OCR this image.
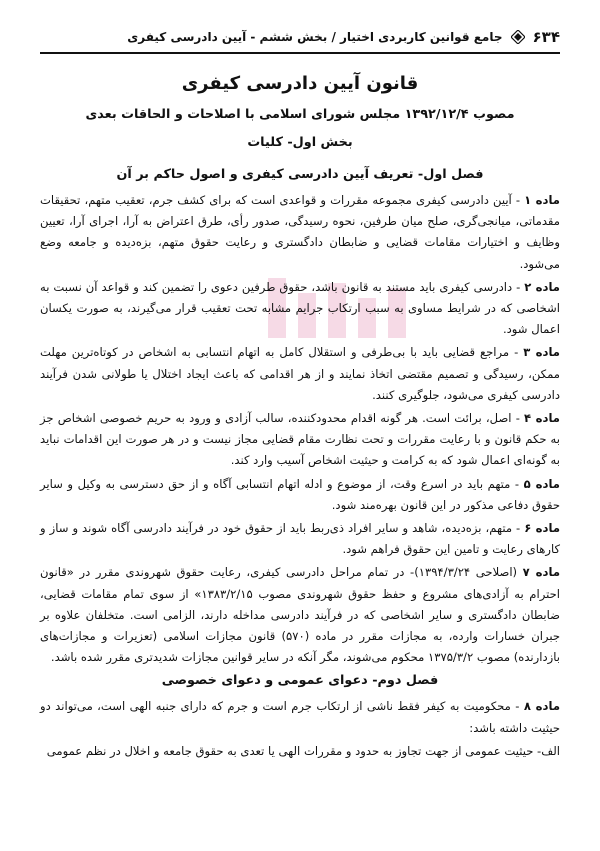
۶۳۴
جامع قوانین کاربردی اختیار / بخش ششم - آیین دادرسی کیفری
قانون آیین دادرسی کیفری
مصوب ۱۳۹۲/۱۲/۴ مجلس شورای اسلامی با اصلاحات و الحاقات بعدی
بخش اول- کلیات
فصل اول- تعریف آیین دادرسی کیفری و اصول حاکم بر آن

ماده ۱ - آیین دادرسی کیفری مجموعه مقررات و قواعدی است که برای کشف جرم، تعقیب متهم، تحقیقات مقدماتی، میانجی‌گری، صلح میان طرفین، نحوه رسیدگی، صدور رأی، طرق اعتراض به آرا، اجرای آرا، تعیین وظایف و اختیارات مقامات قضایی و ضابطان دادگستری و رعایت حقوق متهم، بزه‌دیده و جامعه وضع می‌شود.

ماده ۲ - دادرسی کیفری باید مستند به قانون باشد، حقوق طرفین دعوی را تضمین کند و قواعد آن نسبت به اشخاصی که در شرایط مساوی به سبب ارتکاب جرایم مشابه تحت تعقیب قرار می‌گیرند، به صورت یکسان اعمال شود.

ماده ۳ - مراجع قضایی باید با بی‌طرفی و استقلال کامل به اتهام انتسابی به اشخاص در کوتاه‌ترین مهلت ممکن، رسیدگی و تصمیم مقتضی اتخاذ نمایند و از هر اقدامی که باعث ایجاد اختلال یا طولانی شدن فرآیند دادرسی کیفری می‌شود، جلوگیری کنند.

ماده ۴ - اصل، برائت است. هر گونه اقدام محدودکننده، سالب آزادی و ورود به حریم خصوصی اشخاص جز به حکم قانون و با رعایت مقررات و تحت نظارت مقام قضایی مجاز نیست و در هر صورت این اقدامات نباید به گونه‌ای اعمال شود که به کرامت و حیثیت اشخاص آسیب وارد کند.

ماده ۵ - متهم باید در اسرع وقت، از موضوع و ادله اتهام انتسابی آگاه و از حق دسترسی به وکیل و سایر حقوق دفاعی مذکور در این قانون بهره‌مند شود.

ماده ۶ - متهم، بزه‌دیده، شاهد و سایر افراد ذی‌ربط باید از حقوق خود در فرآیند دادرسی آگاه شوند و ساز و کارهای رعایت و تامین این حقوق فراهم شود.

ماده ۷ (اصلاحی ۱۳۹۴/۳/۲۴)- در تمام مراحل دادرسی کیفری، رعایت حقوق شهروندی مقرر در «قانون احترام به آزادی‌های مشروع و حفظ حقوق شهروندی مصوب ۱۳۸۳/۲/۱۵» از سوی تمام مقامات قضایی، ضابطان دادگستری و سایر اشخاصی که در فرآیند دادرسی مداخله دارند، الزامی است. متخلفان علاوه بر جبران خسارات وارده، به مجازات مقرر در ماده (۵۷۰) قانون مجازات اسلامی (تعزیرات و مجازات‌های بازدارنده) مصوب ۱۳۷۵/۳/۲ محکوم می‌شوند، مگر آنکه در سایر قوانین مجازات شدیدتری مقرر شده باشد.

فصل دوم- دعوای عمومی و دعوای خصوصی

ماده ۸ - محکومیت به کیفر فقط ناشی از ارتکاب جرم است و جرم که دارای جنبه الهی است، می‌تواند دو حیثیت داشته باشد:

الف- حیثیت عمومی از جهت تجاوز به حدود و مقررات الهی یا تعدی به حقوق جامعه و اخلال در نظم عمومی
